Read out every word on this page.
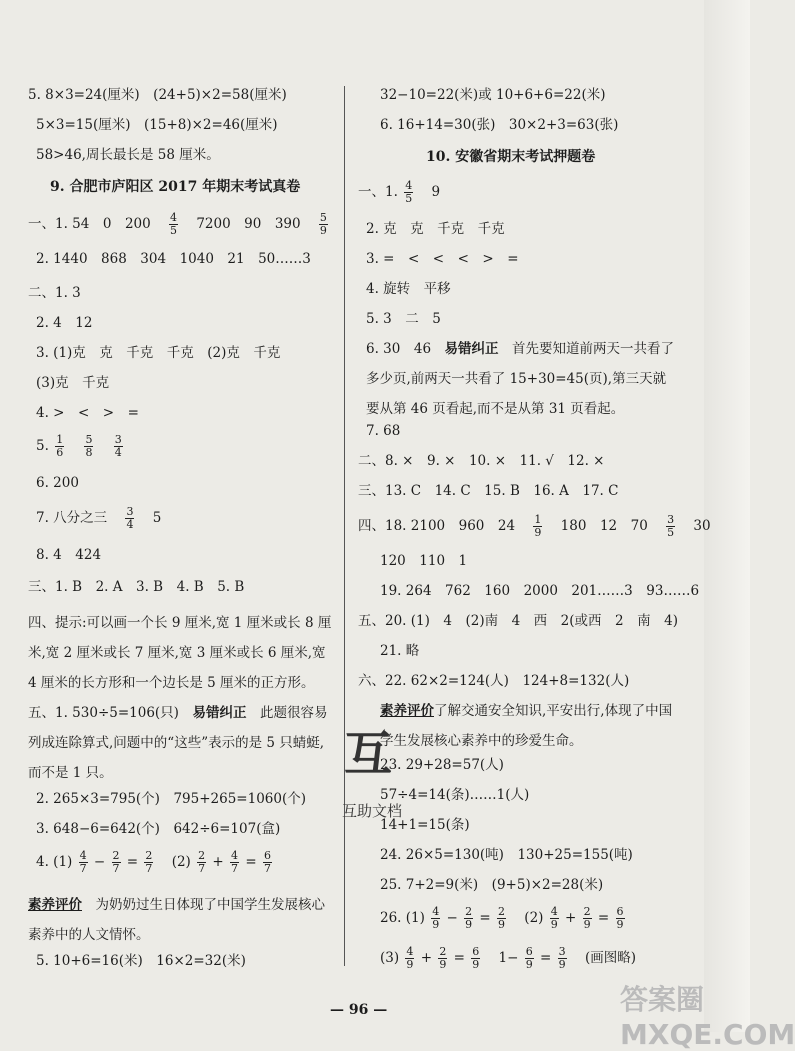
5. 8×3=24(厘米)　(24+5)×2=58(厘米)
5×3=15(厘米)　(15+8)×2=46(厘米)
58>46,周长最长是 58 厘米。
9. 合肥市庐阳区 2017 年期末考试真卷
一、1. 54　0　$200 \frac{4}{5} 7200$　90　$390 \frac{5}{9}$
2. 1440　868　304　1040　21　50……3
二、1. 3
2. 4　12
3. (1)克　克　千克　千克　(2)克　千克
(3)克　千克
4. >　<　>　=
5. $\frac{1}{6}$
$\frac{5}{8}$
$\frac{3}{4}$
6. 200
7. 八分之三 $\frac{3}{4} 5$
8. 4　424
三、1. B　2. A　3. B　4. B　5. B
四、提示:可以画一个长 9 厘米,宽 1 厘米或长 8 厘米,宽 2 厘米或长 7 厘米,宽 3 厘米或长 6 厘米,宽 4 厘米的长方形和一个边长是 5 厘米的正方形。
五、1. 530÷5=106(只)　 易错纠正　 此题很容易列成连除算式,问题中的“这些”表示的是 5 只蜻蜓,而不是 1 只。
2. 265×3=795(个)　795+265=1060(个)
3. 648−6=642(个)　642÷6=107(盒)
4. $(1) \frac{4}{7} - \frac{2}{7} = \frac{2}{7} (2) \frac{2}{7} + \frac{4}{7} = \frac{6}{7}$
素养评价　 为奶奶过生日体现了中国学生发展核心素养中的人文情怀。
5. 10+6=16(米)　16×2=32(米)
32−10=22(米)或 10+6+6=22(米)
6. 16+14=30(张)　30×2+3=63(张)
10. 安徽省期末考试押题卷
一、1. $\frac{4}{5} 9$
2. 克　克　千克　千克
3. =　<　<　<　>　=
4. 旋转　平移
5. 3　二　5
6. 30　46　 易错纠正　 首先要知道前两天一共看了多少页,前两天一共看了 15+30=45(页),第三天就要从第 46 页看起,而不是从第 31 页看起。
7. 68
二、8. ×　9. ×　10. ×　11. √　12. ×
三、13. C　14. C　15. B　16. A　17. C
四、18. 2100　960　$24 \frac{1}{9} 180$　12　$70 \frac{3}{5} 30$
120　110　1
19. 264　762　160　2000　201……3　93……6
五、20. (1)　4　(2)南　4　西　2(或西　2　南　4)
21. 略
六、22. 62×2=124(人)　124+8=132(人)
素养评价了解交通安全知识,平安出行,体现了中国学生发展核心素养中的珍爱生命。
23. 29+28=57(人)
57÷4=14(条)……1(人)
14+1=15(条)
24. 26×5=130(吨)　130+25=155(吨)
25. 7+2=9(米)　(9+5)×2=28(米)
26. $(1) \frac{4}{9} - \frac{2}{9} = \frac{2}{9} (2) \frac{4}{9} + \frac{2}{9} = \frac{6}{9}$
$(3) \frac{4}{9} + \frac{2}{9} = \frac{6}{9} 1- \frac{6}{9} = \frac{3}{9}$ (画图略)
互
互助文档
— 96 —	答案圈 MXQE.COM
